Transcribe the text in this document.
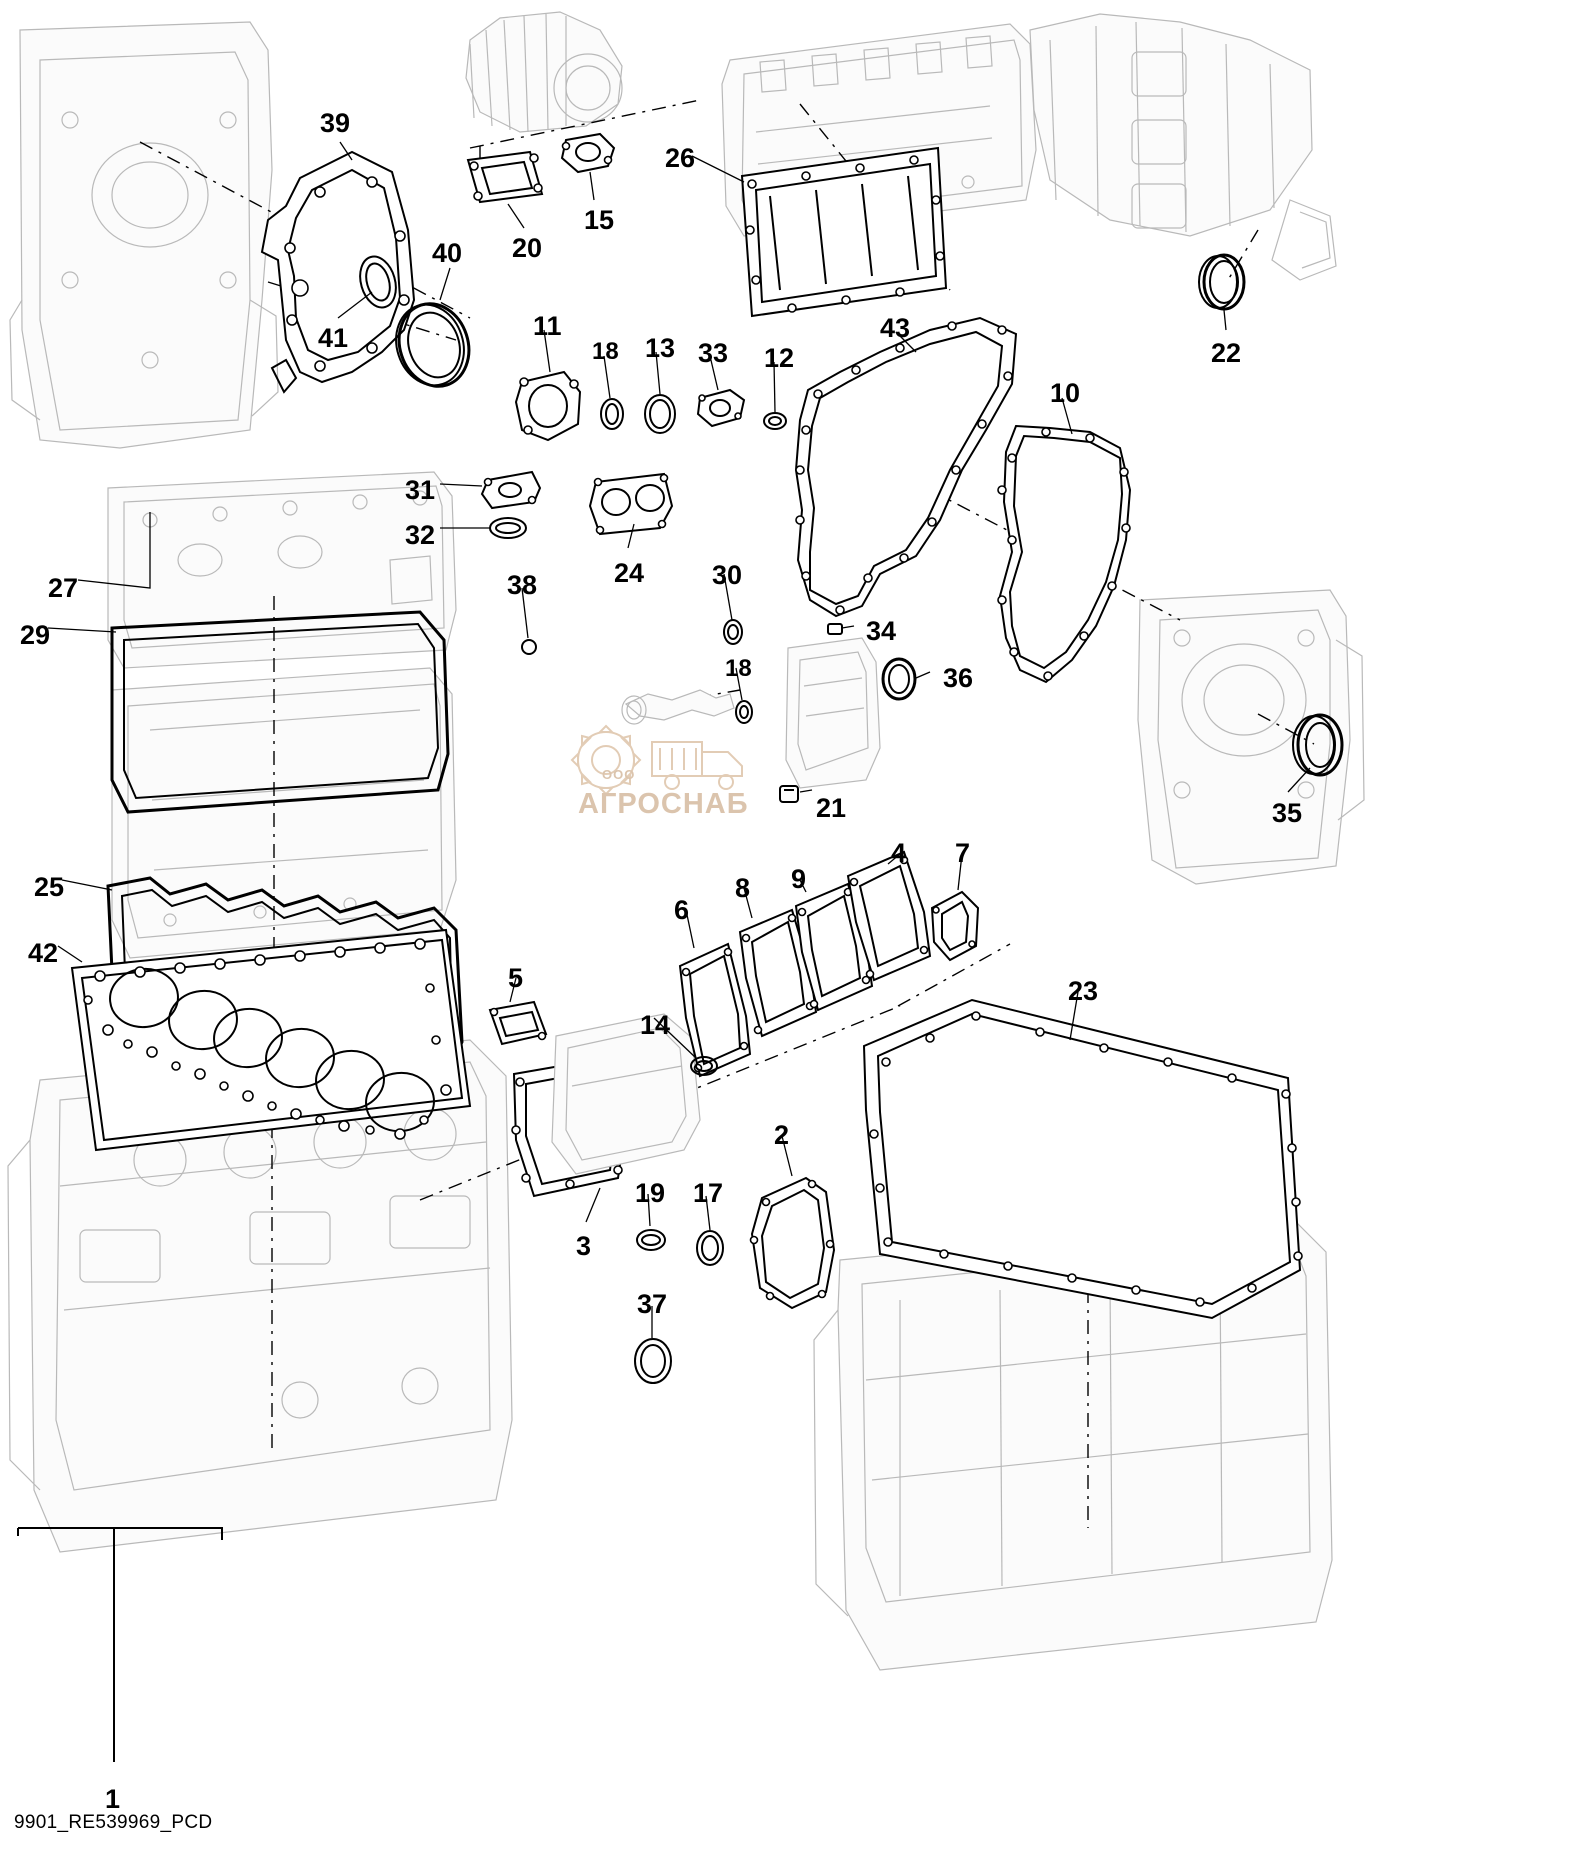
ООО
АГРОСНАБ
39
40
41
20
15
26
22
11
18 13 33 12
43
10
31
32
24	30
38
34
36
18
21	35
27
29
25
42
5
14
6
8 9
4 7
23
3
19 17
2
37
1
9901_RE539969_PCD
